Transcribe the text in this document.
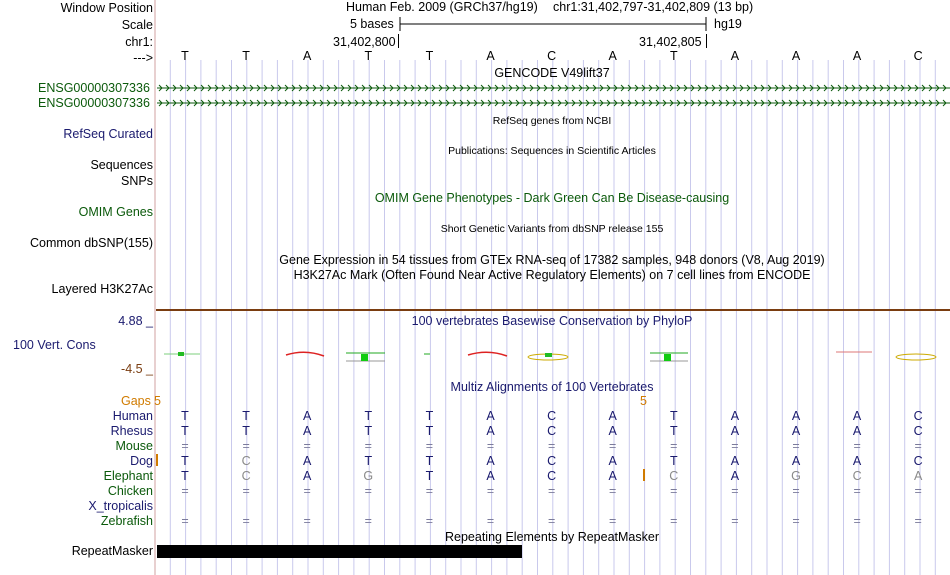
Window Position
Scale
chr1:
--->
Human Feb. 2009 (GRCh37/hg19) chr1:31,402,797-31,402,809 (13 bp)
5 bases	hg19
31,402,800	31,402,805
T	T	A	T	T	A	C	A	T	A	A	A	C
GENCODE V49lift37
ENSG00000307336
ENSG00000307336
RefSeq Curated
RefSeq genes from NCBI
Sequences
Publications: Sequences in Scientific Articles
SNPs
OMIM Gene Phenotypes - Dark Green Can Be Disease-causing
OMIM Genes
Short Genetic Variants from dbSNP release 155
Common dbSNP(155)
Gene Expression in 54 tissues from GTEx RNA-seq of 17382 samples, 948 donors (V8, Aug 2019)
H3K27Ac Mark (Often Found Near Active Regulatory Elements) on 7 cell lines from ENCODE
Layered H3K27Ac
4.88 _	100 vertebrates Basewise Conservation by PhyloP
100 Vert. Cons
-4.5 _
Multiz Alignments of 100 Vertebrates
Gaps 5	5
Human T	T	A	T	T	A	C	A	T	A	A	A	C
Rhesus T	T	A	T	T	A	C	A	T	A	A	A	C
Mouse =	=	=	=	=	=	=	=	=	=	=	=	=
Dog T	C	A	T	T	A	C	A	T	A	A	A	C
Elephant T	C	A	G	T	A	C	A	C	A	G	C	A
Chicken =	=	=	=	=	=	=	=	=	=	=	=	=
X_tropicalis
Zebrafish =	=	=	=	=	=	=	=	=	=	=	=	=
Repeating Elements by RepeatMasker
RepeatMasker
